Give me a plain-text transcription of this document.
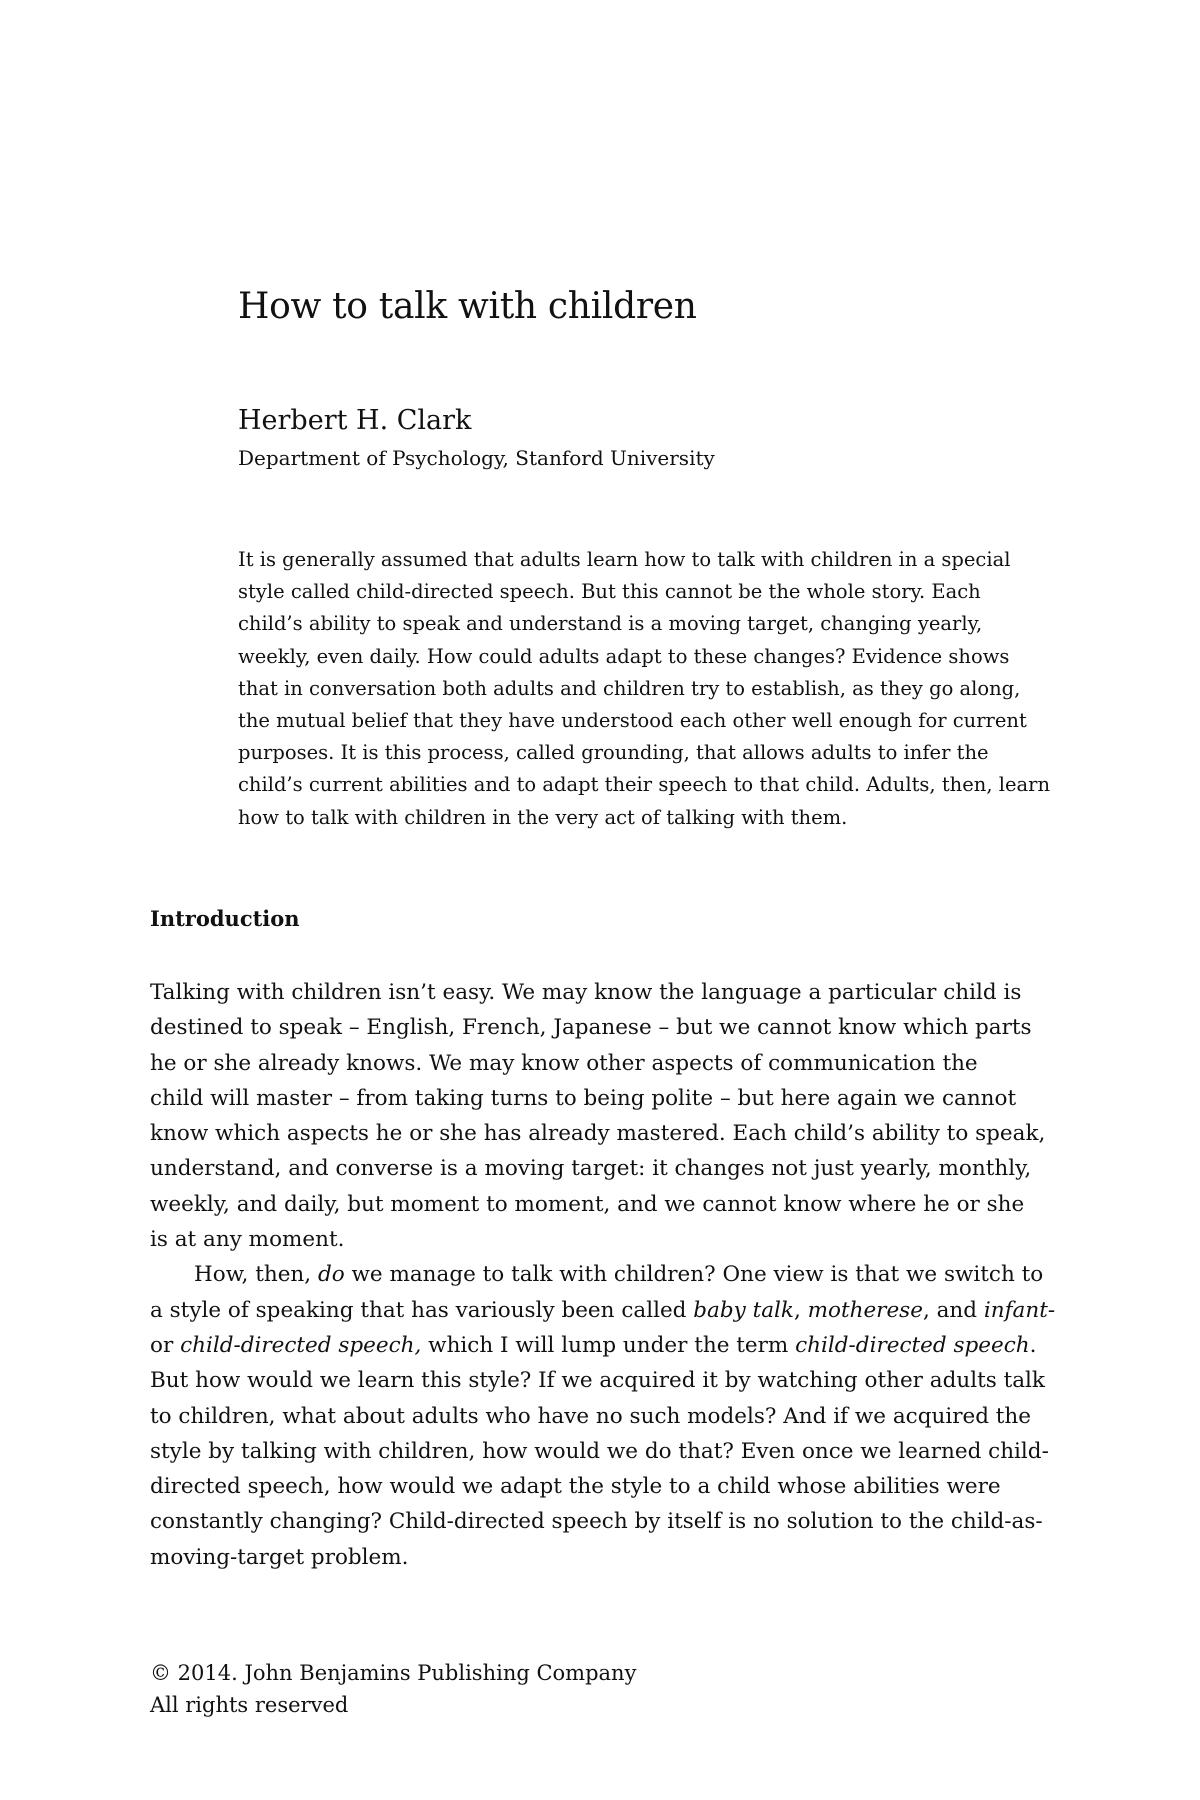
How to talk with children

Herbert H. Clark

Department of Psychology, Stanford University

It is generally assumed that adults learn how to talk with children in a special
style called child-directed speech. But this cannot be the whole story. Each
child’s ability to speak and understand is a moving target, changing yearly,
weekly, even daily. How could adults adapt to these changes? Evidence shows
that in conversation both adults and children try to establish, as they go along,
the mutual belief that they have understood each other well enough for current
purposes. It is this process, called grounding, that allows adults to infer the
child’s current abilities and to adapt their speech to that child. Adults, then, learn
how to talk with children in the very act of talking with them.
Introduction
Talking with children isn’t easy. We may know the language a particular child is
destined to speak – English, French, Japanese – but we cannot know which parts
he or she already knows. We may know other aspects of communication the
child will master – from taking turns to being polite – but here again we cannot
know which aspects he or she has already mastered. Each child’s ability to speak,
understand, and converse is a moving target: it changes not just yearly, monthly,
weekly, and daily, but moment to moment, and we cannot know where he or she
is at any moment.
How, then, do we manage to talk with children? One view is that we switch to
a style of speaking that has variously been called baby talk, motherese, and infant-
or child-directed speech, which I will lump under the term child-directed speech.
But how would we learn this style? If we acquired it by watching other adults talk
to children, what about adults who have no such models? And if we acquired the
style by talking with children, how would we do that? Even once we learned child-
directed speech, how would we adapt the style to a child whose abilities were
constantly changing? Child-directed speech by itself is no solution to the child-as-
moving-target problem.
© 2014. John Benjamins Publishing Company
All rights reserved
